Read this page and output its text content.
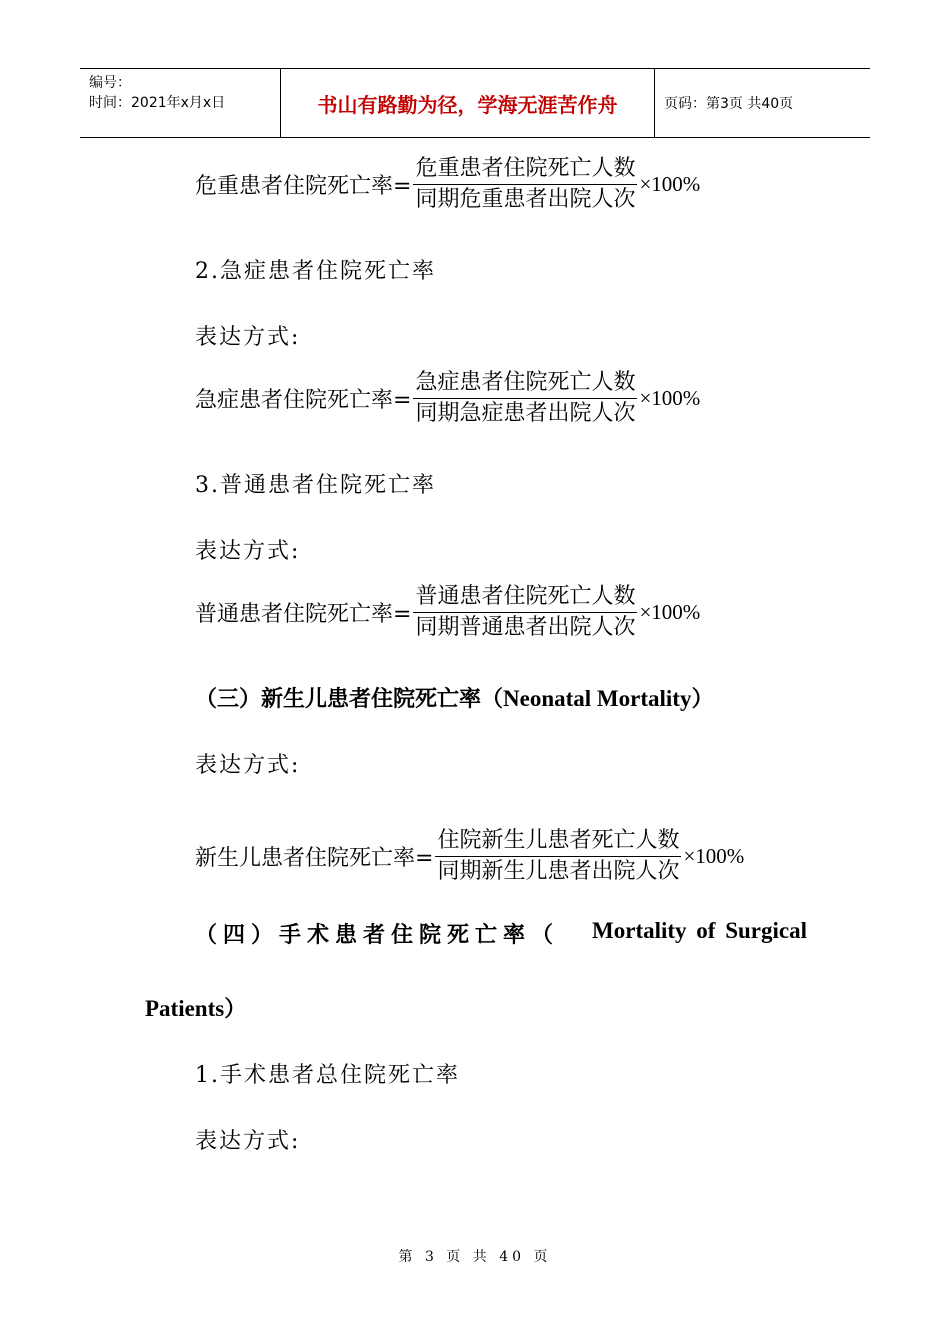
编号：
时间：2021年x月x日	书山有路勤为径，学海无涯苦作舟	页码：第3页 共40页
危重患者住院死亡率= $\frac{\text{危重患者住院死亡人数}}{\text{同期危重患者出院人次}} \times 100\%$
2.急症患者住院死亡率
表达方式:
急症患者住院死亡率= $\frac{\text{急症患者住院死亡人数}}{\text{同期急症患者出院人次}} \times 100\%$
3.普通患者住院死亡率
表达方式:
普通患者住院死亡率= $\frac{\text{普通患者住院死亡人数}}{\text{同期普通患者出院人次}} \times 100\%$
（三）新生儿患者住院死亡率（Neonatal Mortality）
表达方式:
新生儿患者住院死亡率= $\frac{\text{住院新生儿患者死亡人数}}{\text{同期新生儿患者出院人次}} \times 100\%$
（四）手术患者住院死亡率（ Mortality of Surgical
Patients）
1.手术患者总住院死亡率
表达方式:
第 3 页 共 40 页
